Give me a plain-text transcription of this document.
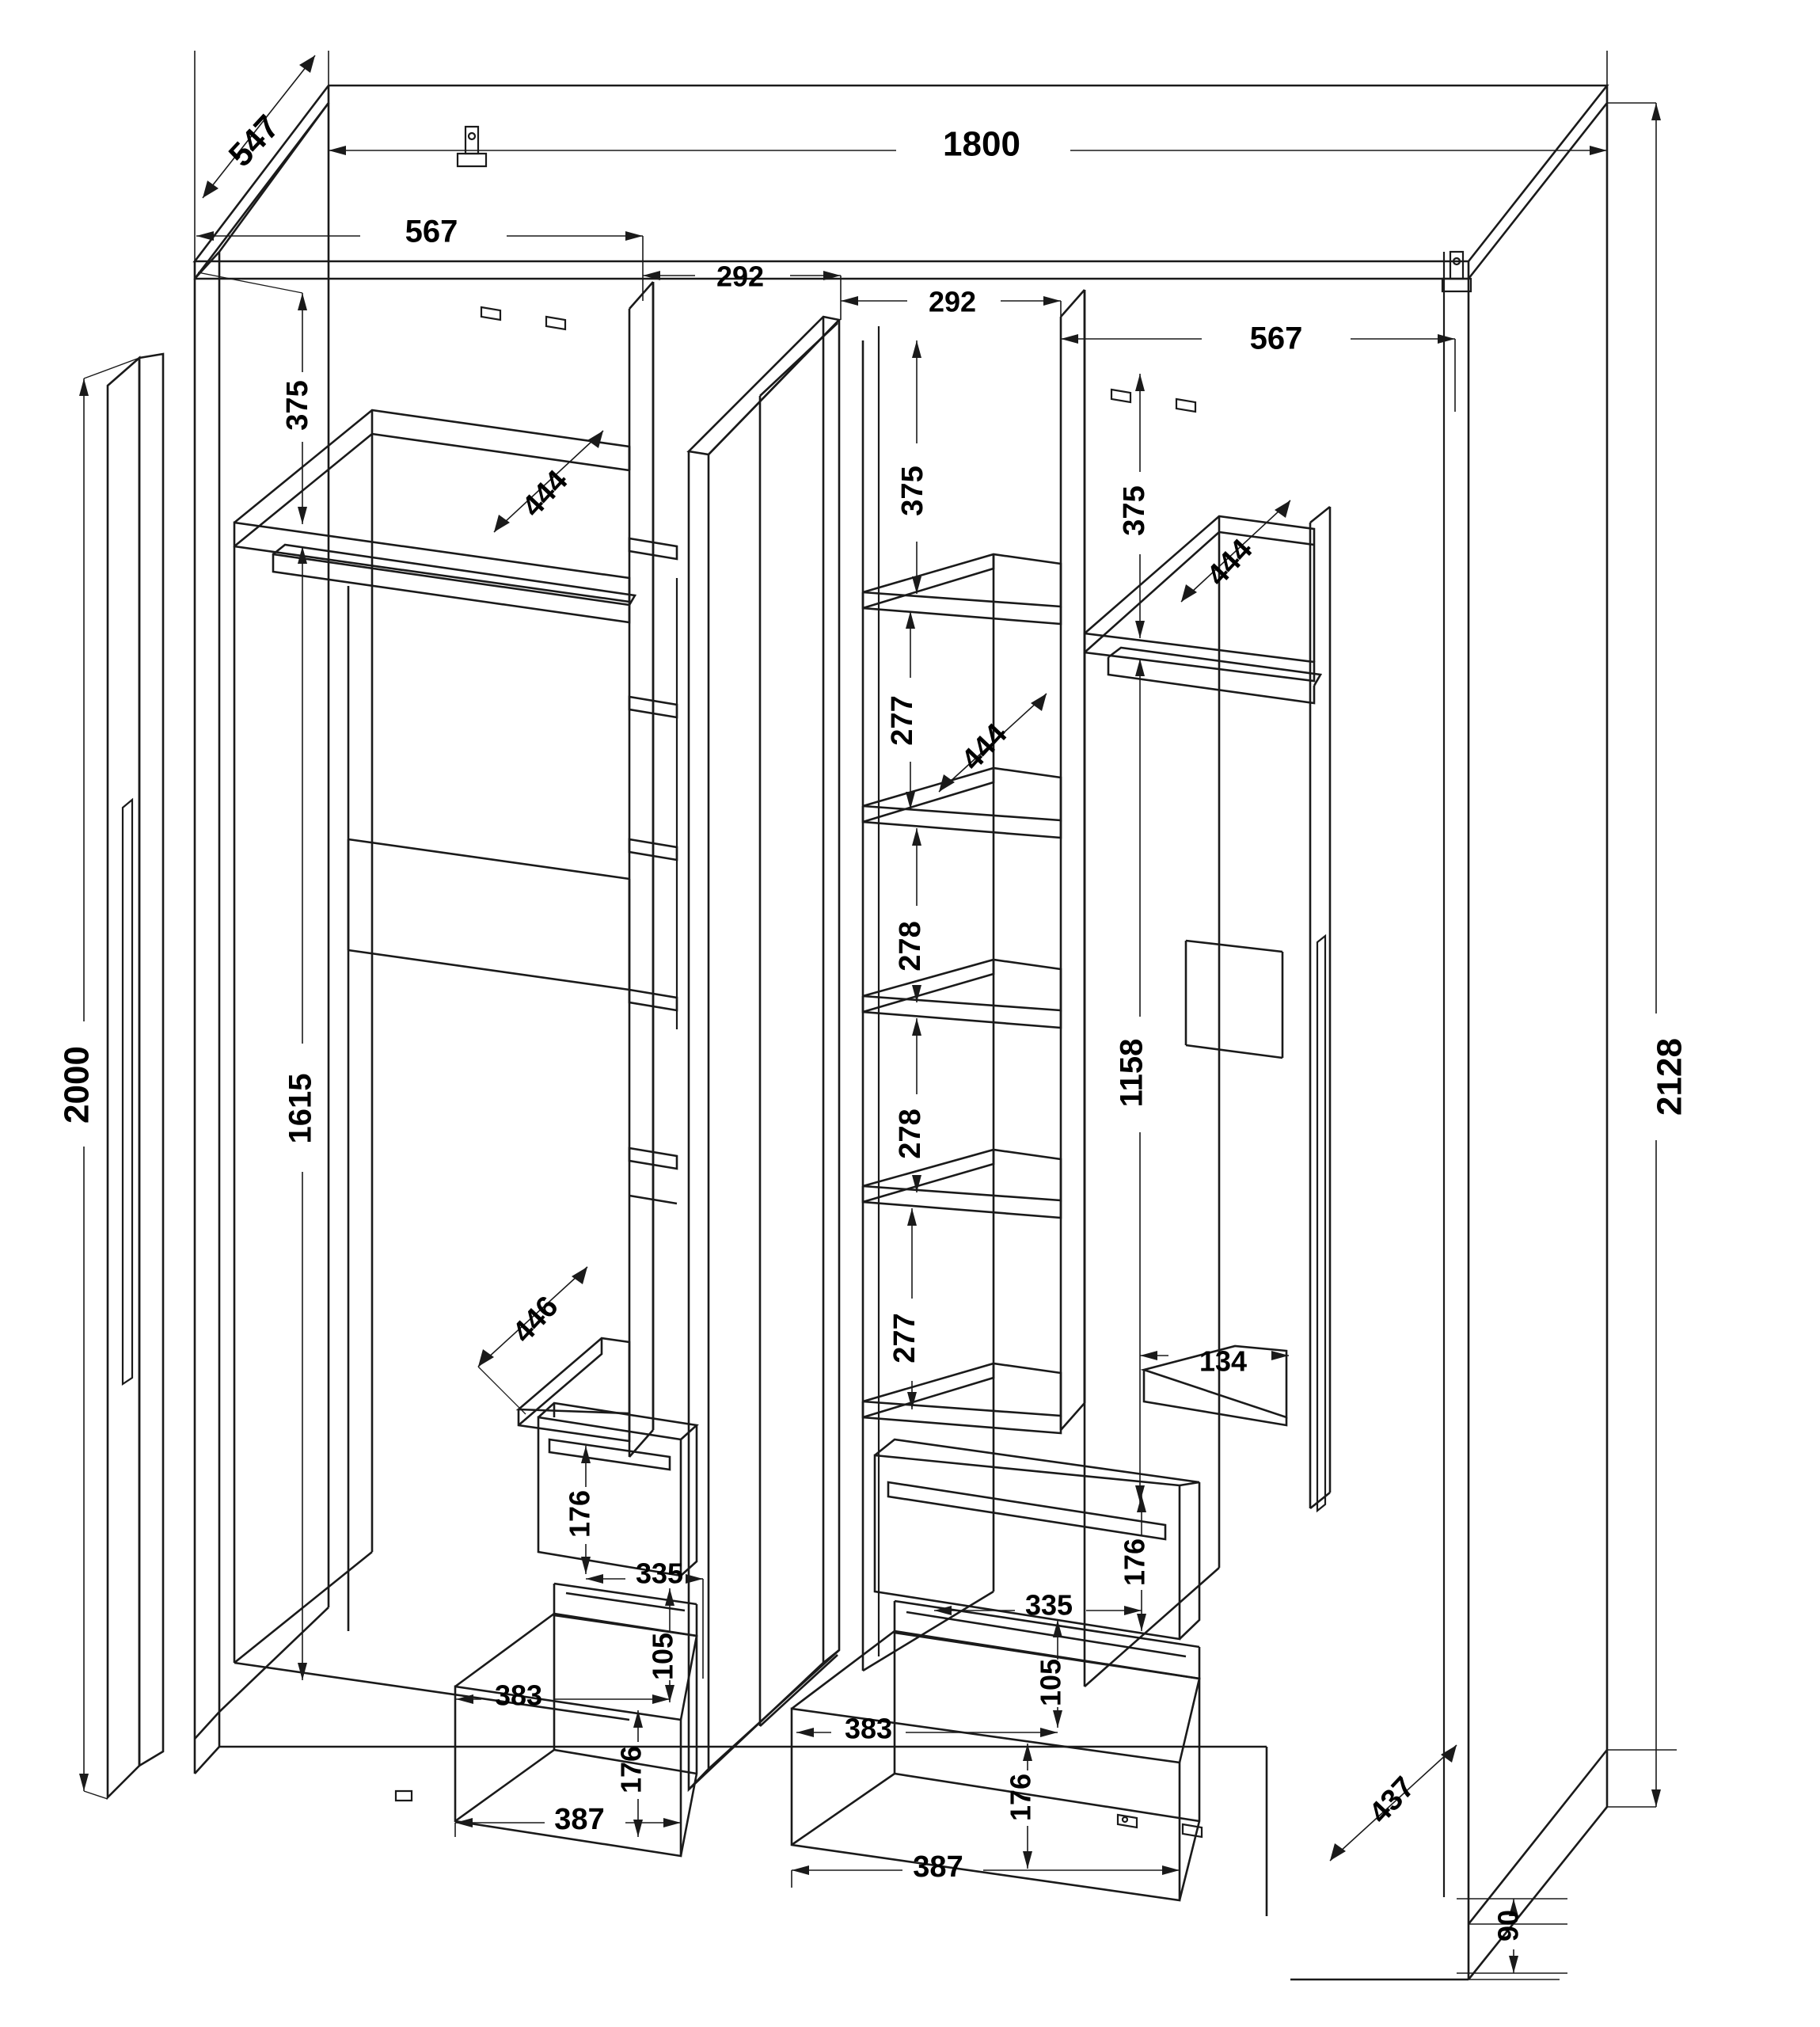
547	1800
567
292
292
567
2128
2000
375
444
1615
375
277 444
278
278
277
375
444
1158
134
446
176
335
105
383
176
387
176
335
105
383
176
387
437
90
